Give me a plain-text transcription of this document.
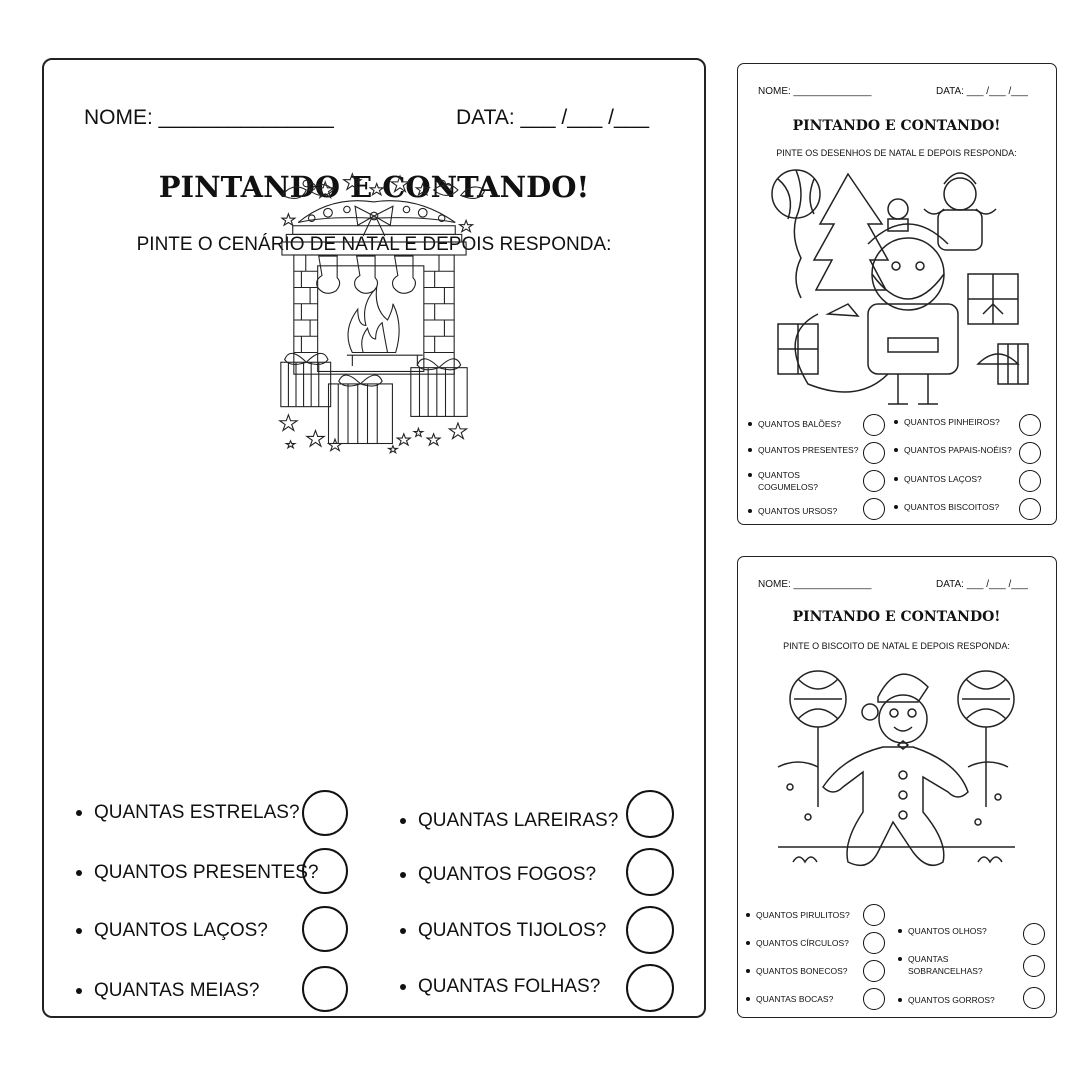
NOME: _______________	DATA: ___ /___ /___
PINTANDO E CONTANDO!
PINTE O CENÁRIO DE NATAL E DEPOIS RESPONDA:
QUANTAS ESTRELAS?
QUANTOS PRESENTES?
QUANTOS LAÇOS?
QUANTAS MEIAS?
QUANTAS LAREIRAS?
QUANTOS FOGOS?
QUANTOS TIJOLOS?
QUANTAS FOLHAS?
NOME: ______________	DATA: ___ /___ /___
PINTANDO E CONTANDO!
PINTE OS DESENHOS DE NATAL E DEPOIS RESPONDA:
QUANTOS BALÕES?
QUANTOS PRESENTES?
QUANTOS
COGUMELOS?
QUANTOS URSOS?
QUANTOS PINHEIROS?
QUANTOS PAPAIS-NOÉIS?
QUANTOS LAÇOS?
QUANTOS BISCOITOS?
NOME: ______________	DATA: ___ /___ /___
PINTANDO E CONTANDO!
PINTE O BISCOITO DE NATAL E DEPOIS RESPONDA:
QUANTOS PIRULITOS?
QUANTOS CÍRCULOS?
QUANTOS BONECOS?
QUANTAS BOCAS?
QUANTOS OLHOS?
QUANTAS
SOBRANCELHAS?
QUANTOS GORROS?
